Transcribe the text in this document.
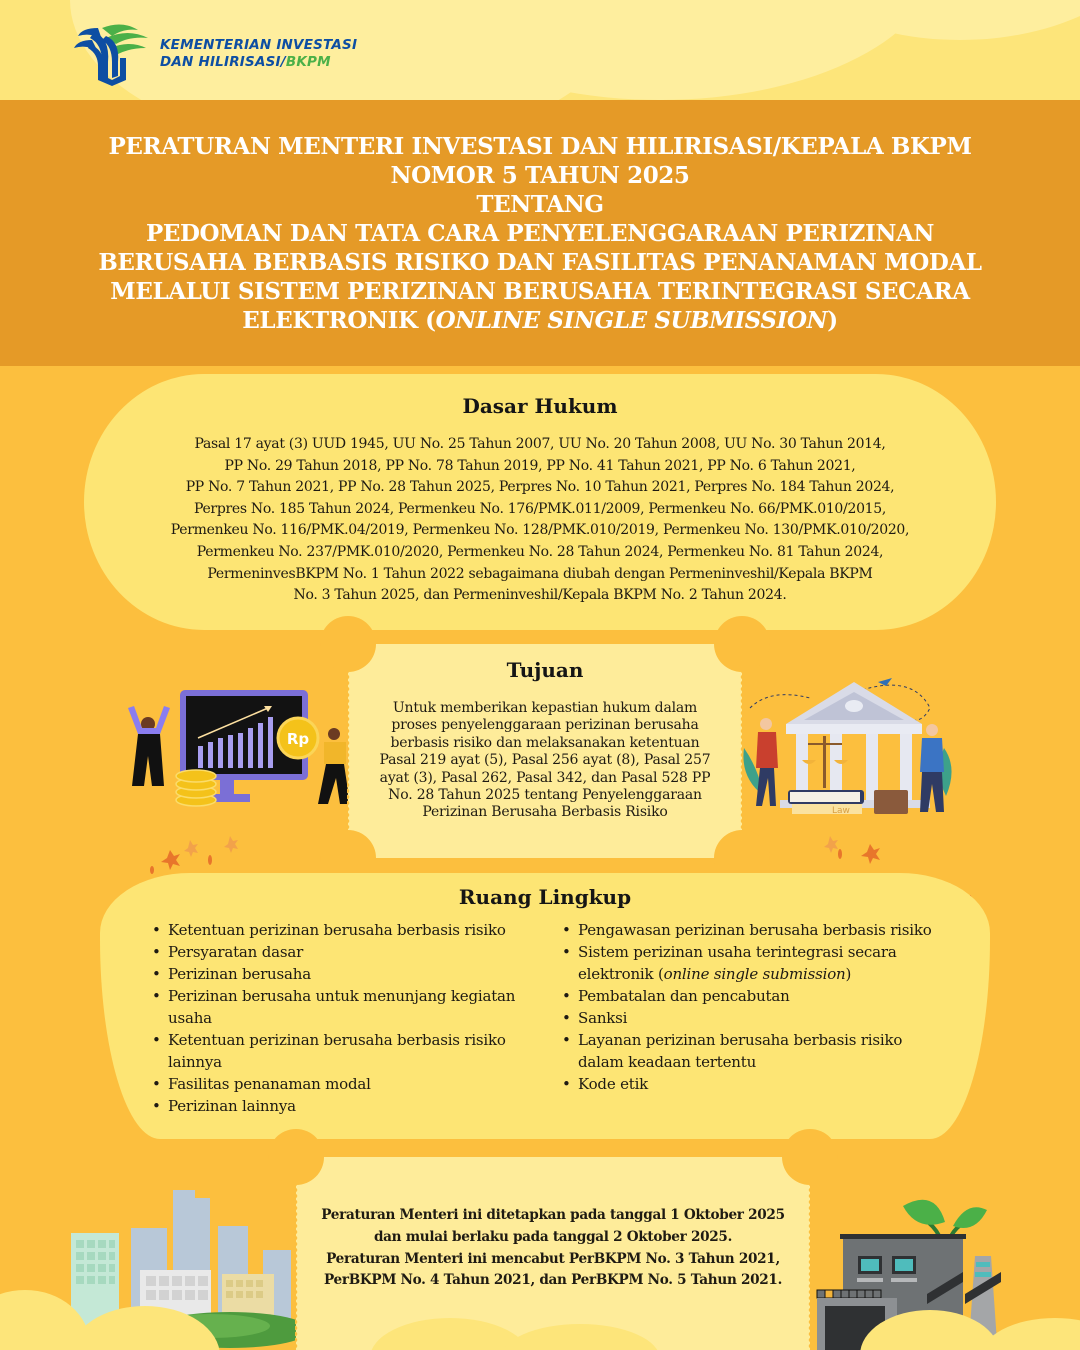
KEMENTERIAN INVESTASI
DAN HILIRISASI/BKPM
PERATURAN MENTERI INVESTASI DAN HILIRISASI/KEPALA BKPM
NOMOR 5 TAHUN 2025
TENTANG
PEDOMAN DAN TATA CARA PENYELENGGARAAN PERIZINAN
BERUSAHA BERBASIS RISIKO DAN FASILITAS PENANAMAN MODAL
MELALUI SISTEM PERIZINAN BERUSAHA TERINTEGRASI SECARA
ELEKTRONIK (ONLINE SINGLE SUBMISSION)
Dasar Hukum
Pasal 17 ayat (3) UUD 1945, UU No. 25 Tahun 2007, UU No. 20 Tahun 2008, UU No. 30 Tahun 2014,
PP No. 29 Tahun 2018, PP No. 78 Tahun 2019, PP No. 41 Tahun 2021, PP No. 6 Tahun 2021,
PP No. 7 Tahun 2021, PP No. 28 Tahun 2025, Perpres No. 10 Tahun 2021, Perpres No. 184 Tahun 2024,
Perpres No. 185 Tahun 2024, Permenkeu No. 176/PMK.011/2009, Permenkeu No. 66/PMK.010/2015,
Permenkeu No. 116/PMK.04/2019, Permenkeu No. 128/PMK.010/2019, Permenkeu No. 130/PMK.010/2020,
Permenkeu No. 237/PMK.010/2020, Permenkeu No. 28 Tahun 2024, Permenkeu No. 81 Tahun 2024,
PermeninvesBKPM No. 1 Tahun 2022 sebagaimana diubah dengan Permeninveshil/Kepala BKPM
No. 3 Tahun 2025, dan Permeninveshil/Kepala BKPM No. 2 Tahun 2024.
Rp
Law
Tujuan
Untuk memberikan kepastian hukum dalam
proses penyelenggaraan perizinan berusaha
berbasis risiko dan melaksanakan ketentuan
Pasal 219 ayat (5), Pasal 256 ayat (8), Pasal 257
ayat (3), Pasal 262, Pasal 342, dan Pasal 528 PP
No. 28 Tahun 2025 tentang Penyelenggaraan
Perizinan Berusaha Berbasis Risiko
Ruang Lingkup
• Ketentuan perizinan berusaha berbasis risiko
• Persyaratan dasar
• Perizinan berusaha
• Perizinan berusaha untuk menunjang kegiatan usaha
• Ketentuan perizinan berusaha berbasis risiko lainnya
• Fasilitas penanaman modal
• Perizinan lainnya
• Pengawasan perizinan berusaha berbasis risiko
• Sistem perizinan usaha terintegrasi secara elektronik (online single submission)
• Pembatalan dan pencabutan
• Sanksi
• Layanan perizinan berusaha berbasis risiko dalam keadaan tertentu
• Kode etik
Peraturan Menteri ini ditetapkan pada tanggal 1 Oktober 2025
dan mulai berlaku pada tanggal 2 Oktober 2025.
Peraturan Menteri ini mencabut PerBKPM No. 3 Tahun 2021,
PerBKPM No. 4 Tahun 2021, dan PerBKPM No. 5 Tahun 2021.
